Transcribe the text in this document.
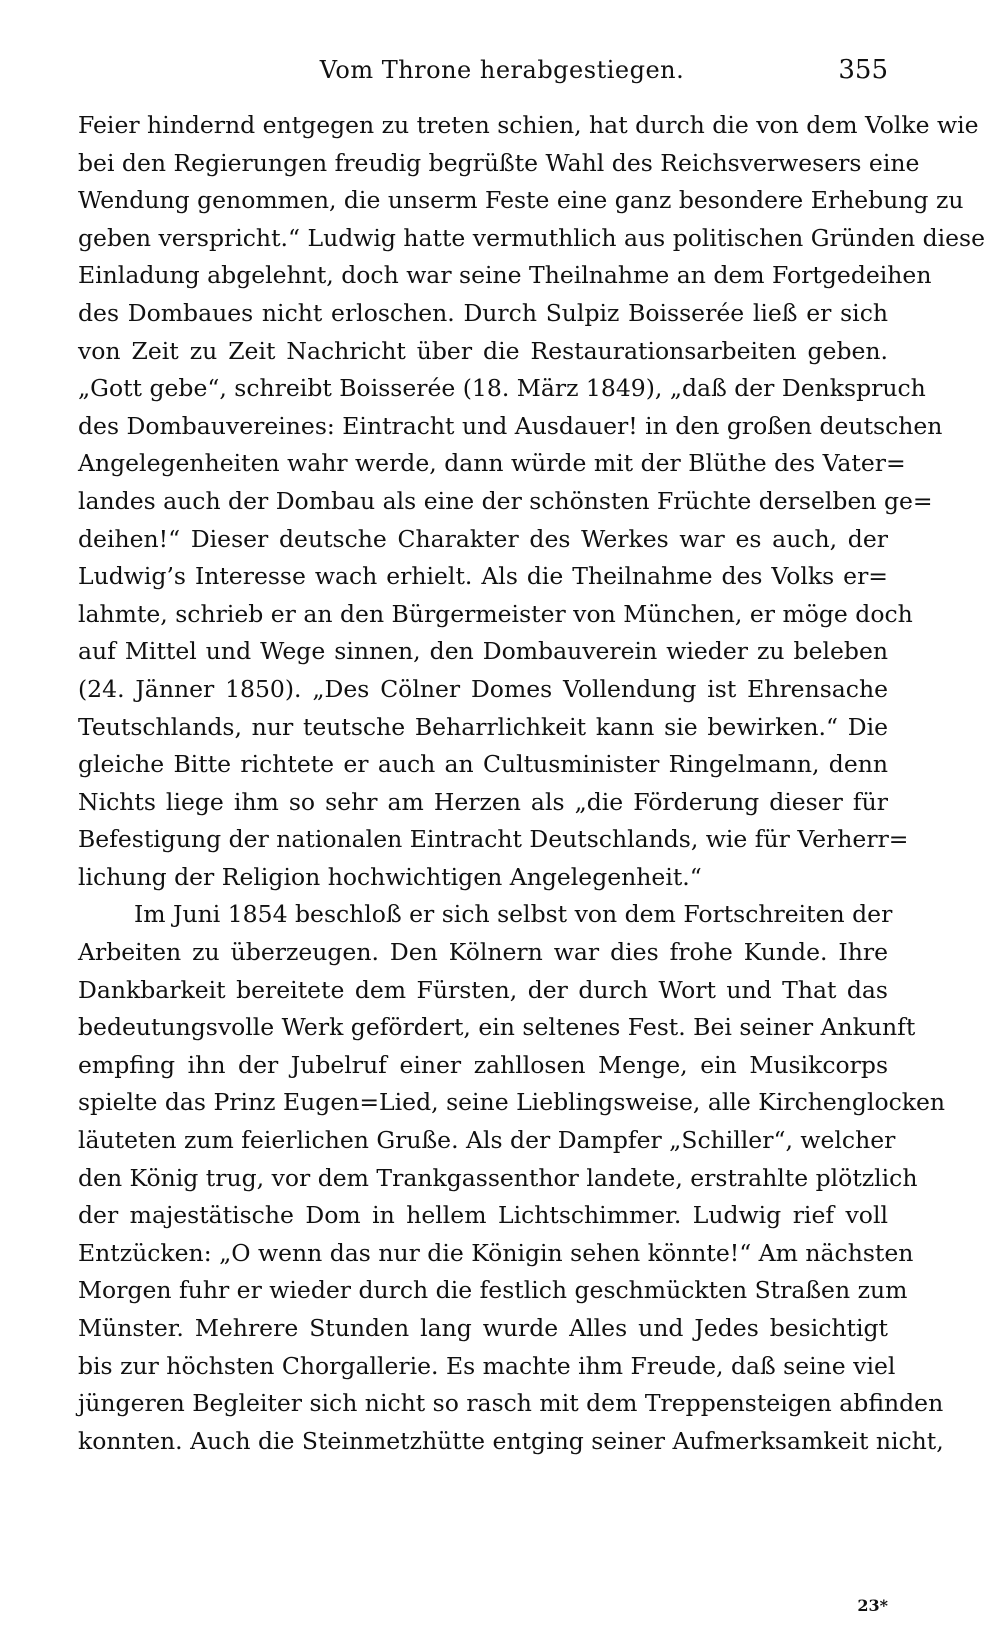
Vom Throne herabgestiegen.	355
Feier hindernd entgegen zu treten schien, hat durch die von dem Volke wie
bei den Regierungen freudig begrüßte Wahl des Reichsverwesers eine
Wendung genommen, die unserm Feste eine ganz besondere Erhebung zu
geben verspricht.“ Ludwig hatte vermuthlich aus politischen Gründen diese
Einladung abgelehnt, doch war seine Theilnahme an dem Fortgedeihen
des Dombaues nicht erloschen. Durch Sulpiz Boisserée ließ er sich
von Zeit zu Zeit Nachricht über die Restaurationsarbeiten geben.
„Gott gebe“, schreibt Boisserée (18. März 1849), „daß der Denkspruch
des Dombauvereines: Eintracht und Ausdauer! in den großen deutschen
Angelegenheiten wahr werde, dann würde mit der Blüthe des Vater=
landes auch der Dombau als eine der schönsten Früchte derselben ge=
deihen!“ Dieser deutsche Charakter des Werkes war es auch, der
Ludwig’s Interesse wach erhielt. Als die Theilnahme des Volks er=
lahmte, schrieb er an den Bürgermeister von München, er möge doch
auf Mittel und Wege sinnen, den Dombauverein wieder zu beleben
(24. Jänner 1850). „Des Cölner Domes Vollendung ist Ehrensache
Teutschlands, nur teutsche Beharrlichkeit kann sie bewirken.“ Die
gleiche Bitte richtete er auch an Cultusminister Ringelmann, denn
Nichts liege ihm so sehr am Herzen als „die Förderung dieser für
Befestigung der nationalen Eintracht Deutschlands, wie für Verherr=
lichung der Religion hochwichtigen Angelegenheit.“
Im Juni 1854 beschloß er sich selbst von dem Fortschreiten der
Arbeiten zu überzeugen. Den Kölnern war dies frohe Kunde. Ihre
Dankbarkeit bereitete dem Fürsten, der durch Wort und That das
bedeutungsvolle Werk gefördert, ein seltenes Fest. Bei seiner Ankunft
empfing ihn der Jubelruf einer zahllosen Menge, ein Musikcorps
spielte das Prinz Eugen=Lied, seine Lieblingsweise, alle Kirchenglocken
läuteten zum feierlichen Gruße. Als der Dampfer „Schiller“, welcher
den König trug, vor dem Trankgassenthor landete, erstrahlte plötzlich
der majestätische Dom in hellem Lichtschimmer. Ludwig rief voll
Entzücken: „O wenn das nur die Königin sehen könnte!“ Am nächsten
Morgen fuhr er wieder durch die festlich geschmückten Straßen zum
Münster. Mehrere Stunden lang wurde Alles und Jedes besichtigt
bis zur höchsten Chorgallerie. Es machte ihm Freude, daß seine viel
jüngeren Begleiter sich nicht so rasch mit dem Treppensteigen abfinden
konnten. Auch die Steinmetzhütte entging seiner Aufmerksamkeit nicht,
23*
